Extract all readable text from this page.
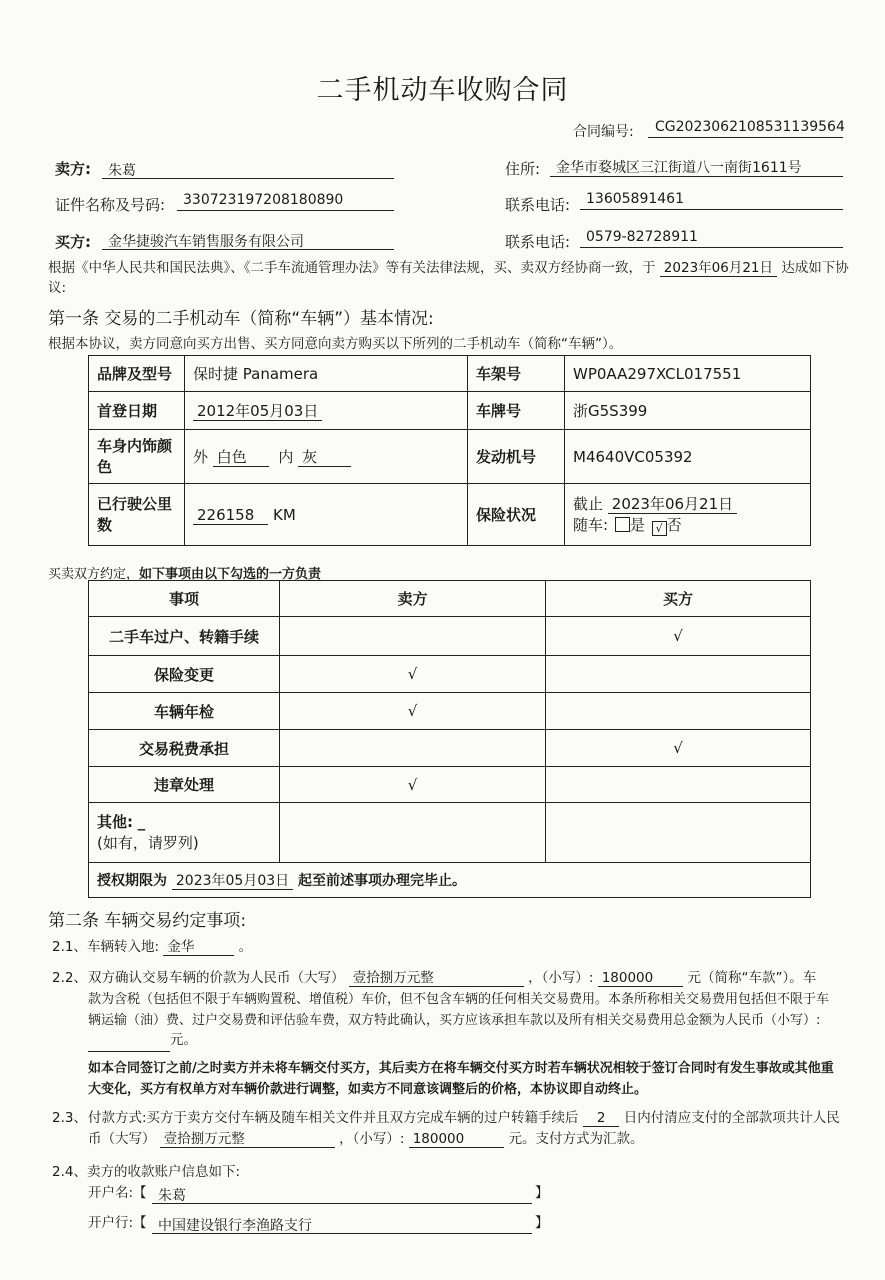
二手机动车收购合同
合同编号: CG2023062108531139564
卖方: 朱葛	住所: 金华市婺城区三江街道八一南街1611号
证件名称及号码: 330723197208180890	联系电话: 13605891461
买方: 金华捷骏汽车销售服务有限公司	联系电话: 0579-82728911
根据《中华人民共和国民法典》、《二手车流通管理办法》等有关法律法规，买、卖双方经协商一致，于 2023年06月21日 达成如下协
议:
第一条 交易的二手机动车（简称“车辆”）基本情况:
根据本协议，卖方同意向买方出售、买方同意向卖方购买以下所列的二手机动车（简称“车辆”）。
品牌及型号	保时捷 Panamera	车架号	WP0AA297XCL017551
首登日期	2012年05月03日	车牌号	浙G5S399
车身内饰颜色	外 白色 内 灰	发动机号	M4640VC05392
已行驶公里数	226158 KM	保险状况	截止 2023年06月21日
随车: 是 √ 否
买卖双方约定，如下事项由以下勾选的一方负责
事项	卖方	买方
二手车过户、转籍手续		√
保险变更	√	
车辆年检	√	
交易税费承担		√
违章处理	√	
其他: _
(如有，请罗列)		
授权期限为 2023年05月03日 起至前述事项办理完毕止。		
第二条 车辆交易约定事项:
2.1、车辆转入地: 金华	。
2.2、 双方确认交易车辆的价款为人民币（大写） 壹拾捌万元整	，（小写）: 180000	元（简称“车款”）。车
款为含税（包括但不限于车辆购置税、增值税）车价，但不包含车辆的任何相关交易费用。本条所称相关交易费用包括但不限于车
辆运输（油）费、过户交易费和评估验车费，双方特此确认，买方应该承担车款以及所有相关交易费用总金额为人民币（小写）:
元。
如本合同签订之前/之时卖方并未将车辆交付买方，其后卖方在将车辆交付买方时若车辆状况相较于签订合同时有发生事故或其他重
大变化，买方有权单方对车辆价款进行调整，如卖方不同意该调整后的价格，本协议即自动终止。
2.3、 付款方式:买方于卖方交付车辆及随车相关文件并且双方完成车辆的过户转籍手续后 2 日内付清应支付的全部款项共计人民
币（大写） 壹拾捌万元整	，（小写）: 180000	元。支付方式为汇款。
2.4、卖方的收款账户信息如下:
开户名:【 朱葛	】
开户行:【 中国建设银行李渔路支行	】
